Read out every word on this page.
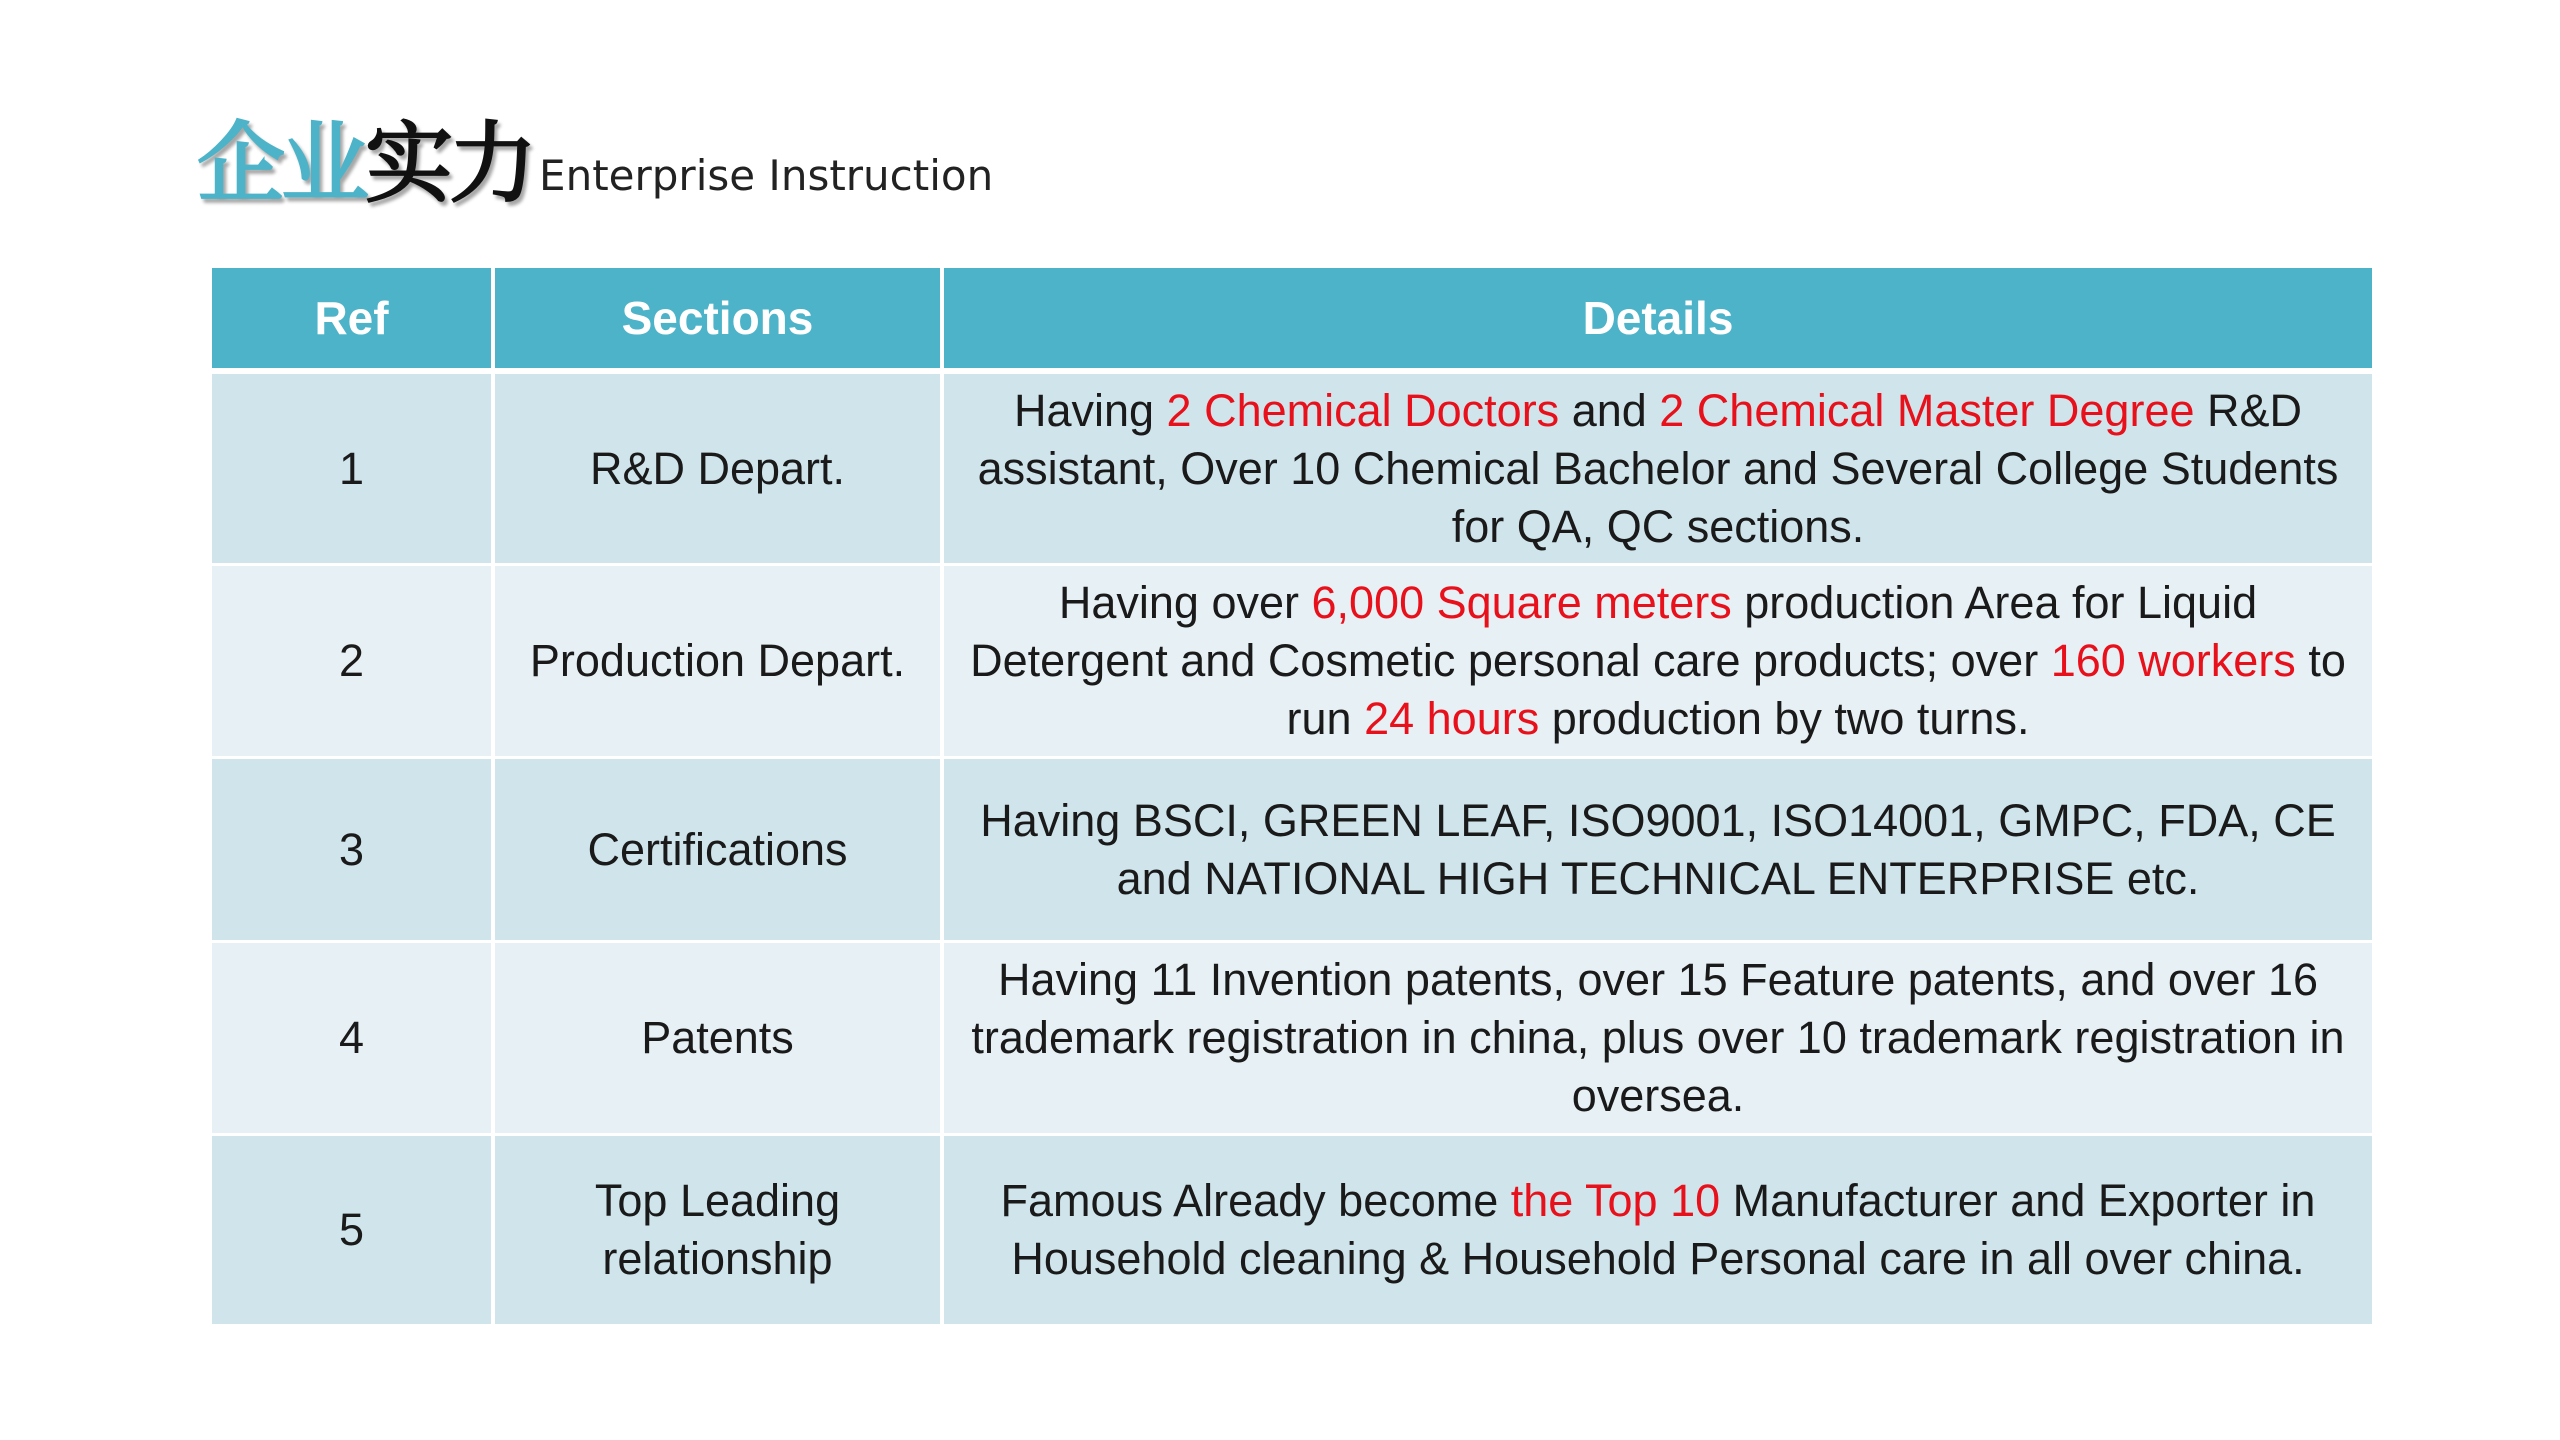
企业 实力 Enterprise Instruction
Ref	Sections	Details
1	R&D Depart.	Having 2 Chemical Doctors and 2 Chemical Master Degree R&D assistant, Over 10 Chemical Bachelor and Several College Students for QA, QC sections.
2	Production Depart.	Having over 6,000 Square meters production Area for Liquid Detergent and Cosmetic personal care products; over 160 workers to run 24 hours production by two turns.
3	Certifications	Having BSCI, GREEN LEAF, ISO9001, ISO14001, GMPC, FDA, CE and NATIONAL HIGH TECHNICAL ENTERPRISE etc.
4	Patents	Having 11 Invention patents, over 15 Feature patents, and over 16 trademark registration in china, plus over 10 trademark registration in oversea.
5	Top Leading relationship	Famous Already become the Top 10 Manufacturer and Exporter in Household cleaning & Household Personal care in all over china.
